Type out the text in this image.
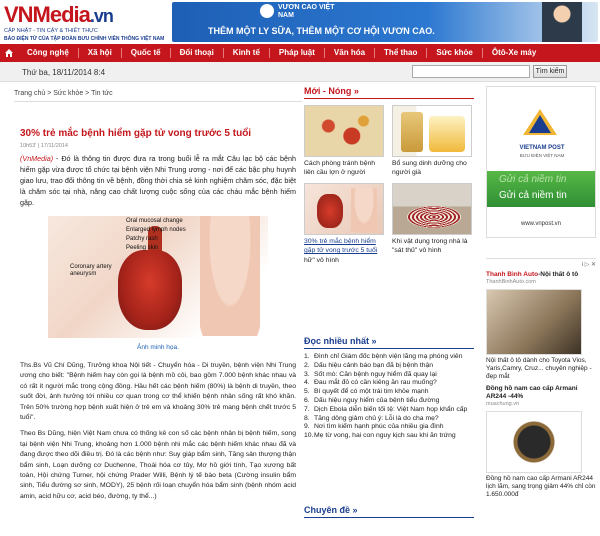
VNMedia.vn
CẬP NHẬT - TIN CẬY & THIẾT THỰC
BÁO ĐIỆN TỬ CỦA TẬP ĐOÀN BƯU CHÍNH VIỄN THÔNG VIỆT NAM
VƯƠN CAO VIỆT NAM
THÊM MỘT LY SỮA, THÊM MỘT CƠ HỘI VƯƠN CAO.
Công nghệ	Xã hội	Quốc tế	Đối thoại	Kinh tế	Pháp luật	Văn hóa	Thể thao	Sức khỏe	Ôtô-Xe máy
Thứ ba, 18/11/2014 8:4	Tìm kiếm
Trang chủ > Sức khỏe > Tin tức
30% trẻ mắc bệnh hiểm gặp tử vong trước 5 tuổi
10h53' | 17/11/2014
(VnMedia) - Đó là thông tin được đưa ra trong buổi lễ ra mắt Câu lạc bộ các bệnh hiếm gặp vừa được tổ chức tại bệnh viện Nhi Trung ương - nơi để các bậc phụ huynh giao lưu, trao đổi thông tin về bệnh, đồng thời chia sẻ kinh nghiệm chăm sóc, đặc biệt là chăm sóc tại nhà, nâng cao chất lượng cuộc sống của các cháu mắc bệnh hiếm gặp.
Oral mucosal change
Enlarged lymph nodes
Patchy rash
Peeling skin
Coronary artery aneurysm
Ảnh minh họa.

Ths.Bs Vũ Chí Dũng, Trưởng khoa Nội tiết - Chuyển hóa - Di truyền, bệnh viện Nhi Trung ương cho biết: "Bệnh hiếm hay còn gọi là bệnh mồ côi, bao gồm 7.000 bệnh khác nhau và có rất ít người mắc trong cộng đồng. Hầu hết các bệnh hiếm (80%) là bệnh di truyền, theo suốt đời, ảnh hưởng tới nhiều cơ quan trong cơ thể khiến bệnh nhân sống rất khó khăn. Trên 50% trường hợp bệnh xuất hiện ở trẻ em và khoảng 30% trẻ mang bệnh chết trước 5 tuổi".

Theo Bs Dũng, hiện Việt Nam chưa có thống kê con số các bệnh nhân bị bệnh hiếm, song tại bệnh viện Nhi Trung, khoảng hơn 1.000 bệnh nhi mắc các bệnh hiếm khác nhau đã và đang được theo dõi điều trị. Đó là các bệnh như: Suy giáp bẩm sinh, Tăng sản thượng thận bẩm sinh, Loạn dưỡng cơ Duchenne, Thoái hóa cơ tủy, Mơ hồ giới tính, Tạo xương bất toàn, Hội chứng Turner, hội chứng Prader Willi, Bệnh lý tế bào beta (Cường insulin bẩm sinh, Tiểu đường sơ sinh, MODY), 25 bệnh rối loạn chuyển hóa bẩm sinh (bệnh nhóm acid amin, acid hữu cơ, acid béo, đường, ty thể...)

Mới - Nóng »
Cách phòng tránh bệnh liên cầu lợn ở người
Bổ sung dinh dưỡng cho người già
30% trẻ mắc bệnh hiểm gặp tử vong trước 5 tuổi
Khi vật dụng trong nhà là "sát thủ" vô hình
hữ" vô hình
Đọc nhiều nhất »
1. Đình chỉ Giám đốc bệnh viện lãng mạ phóng viên
2. Dấu hiệu cảnh báo bạn đã bị bệnh thận
3. Sốt mò: Căn bệnh nguy hiểm đã quay lại
4. Đau mắt đỏ có cần kiêng ăn rau muống?
5. Bí quyết để có một trái tim khỏe mạnh
6. Dấu hiệu nguy hiểm của bệnh tiểu đường
7. Dịch Ebola diễn biến tối tệ: Việt Nam họp khẩn cấp
8. Tăng dông giảm chủ ý: Lỗi là do cha mẹ?
9. Nơi tìm kiếm hạnh phúc của nhiều gia đình
10. Mẹ từ vong, hai con nguy kịch sau khi ăn trứng
Chuyên đề »
VIETNAM POST
BƯU ĐIỆN VIỆT NAM
Gửi cả niềm tin
Gửi cả niềm tin
www.vnpost.vn
i ▷ ✕
Thanh Bình Auto-Nội thất ô tô
ThanhBinhAuto.com
Nội thất ô tô dành cho Toyota Vios, Yaris,Camry, Cruz... chuyên nghiệp - đẹp mắt
Đồng hồ nam cao cấp Armani AR244 -44%
muachung.vn
Đồng hồ nam cao cấp Armani AR244 lịch lãm, sang trọng giảm 44% chỉ còn 1.650.000đ
